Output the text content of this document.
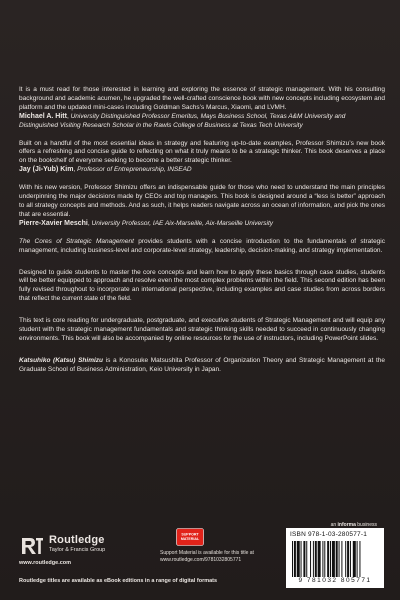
It is a must read for those interested in learning and exploring the essence of strategic management. With his consulting background and academic acumen, he upgraded the well-crafted conscience book with new concepts including ecosystem and platform and the updated mini-cases including Goldman Sachs’s Marcus, Xiaomi, and LVMH.

Michael A. Hitt, University Distinguished Professor Emeritus, Mays Business School, Texas A&M University and Distinguished Visiting Research Scholar in the Rawls College of Business at Texas Tech University

Built on a handful of the most essential ideas in strategy and featuring up-to-date examples, Professor Shimizu’s new book offers a refreshing and concise guide to reflecting on what it truly means to be a strategic thinker. This book deserves a place on the bookshelf of everyone seeking to become a better strategic thinker.

Jay (Ji-Yub) Kim, Professor of Entrepreneurship, INSEAD

With his new version, Professor Shimizu offers an indispensable guide for those who need to understand the main principles underpinning the major decisions made by CEOs and top managers. This book is designed around a “less is better” approach to all strategy concepts and methods. And as such, it helps readers navigate across an ocean of information, and pick the ones that are essential.

Pierre-Xavier Meschi, University Professor, IAE Aix-Marseille, Aix-Marseille University

The Cores of Strategic Management provides students with a concise introduction to the fundamentals of strategic management, including business-level and corporate-level strategy, leadership, decision-making, and strategy implementation.

Designed to guide students to master the core concepts and learn how to apply these basics through case studies, students will be better equipped to approach and resolve even the most complex problems within the field. This second edition has been fully revised throughout to incorporate an international perspective, including examples and case studies from across borders that reflect the current state of the field.

This text is core reading for undergraduate, postgraduate, and executive students of Strategic Management and will equip any student with the strategic management fundamentals and strategic thinking skills needed to succeed in continuously changing environments. This book will also be accompanied by online resources for the use of instructors, including PowerPoint slides.

Katsuhiko (Katsu) Shimizu is a Konosuke Matsushita Professor of Organization Theory and Strategic Management at the Graduate School of Business Administration, Keio University in Japan.

Routledge
Taylor & Francis Group
www.routledge.com
SUPPORT
MATERIAL
Support Material is available for this title at
www.routledge.com/9781032805771
an informa business
ISBN 978-1-03-280577-1
9 781032 805771
Routledge titles are available as eBook editions in a range of digital formats
